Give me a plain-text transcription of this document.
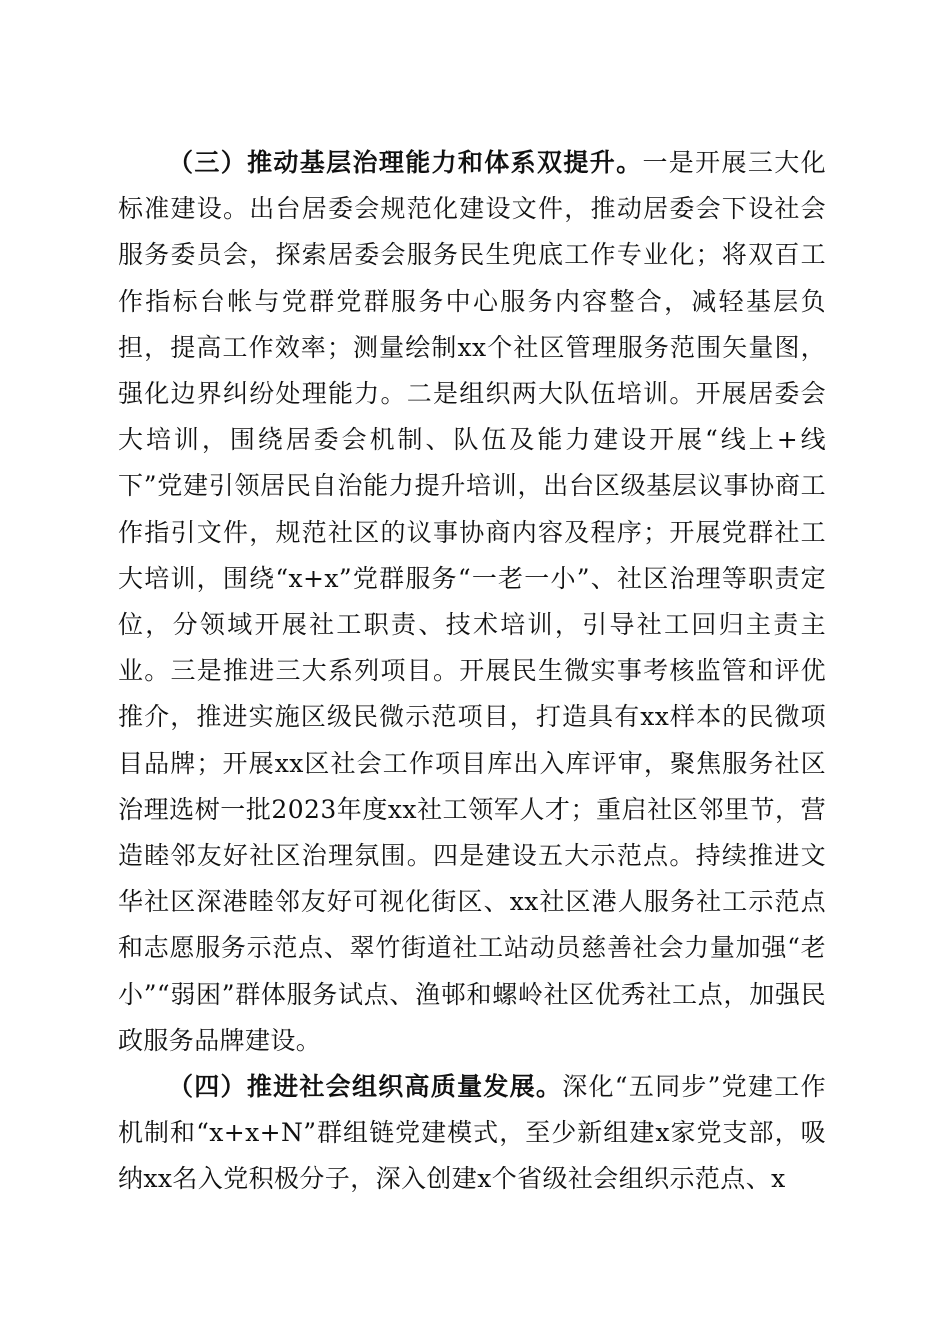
（三）推动基层治理能力和体系双提升。一是开展三大化标准建设。出台居委会规范化建设文件，推动居委会下设社会服务委员会，探索居委会服务民生兜底工作专业化；将双百工作指标台帐与党群党群服务中心服务内容整合，减轻基层负担，提高工作效率；测量绘制xx个社区管理服务范围矢量图，强化边界纠纷处理能力。二是组织两大队伍培训。开展居委会大培训，围绕居委会机制、队伍及能力建设开展“线上+线下”党建引领居民自治能力提升培训，出台区级基层议事协商工作指引文件，规范社区的议事协商内容及程序；开展党群社工大培训，围绕“x+x”党群服务“一老一小”、社区治理等职责定位，分领域开展社工职责、技术培训，引导社工回归主责主业。三是推进三大系列项目。开展民生微实事考核监管和评优推介，推进实施区级民微示范项目，打造具有xx样本的民微项目品牌；开展xx区社会工作项目库出入库评审，聚焦服务社区治理选树一批2023年度xx社工领军人才；重启社区邻里节，营造睦邻友好社区治理氛围。四是建设五大示范点。持续推进文华社区深港睦邻友好可视化街区、xx社区港人服务社工示范点和志愿服务示范点、翠竹街道社工站动员慈善社会力量加强“老小”“弱困”群体服务试点、渔邨和螺岭社区优秀社工点，加强民政服务品牌建设。

（四）推进社会组织高质量发展。深化“五同步”党建工作机制和“x+x+N”群组链党建模式，至少新组建x家党支部，吸纳xx名入党积极分子，深入创建x个省级社会组织示范点、x
